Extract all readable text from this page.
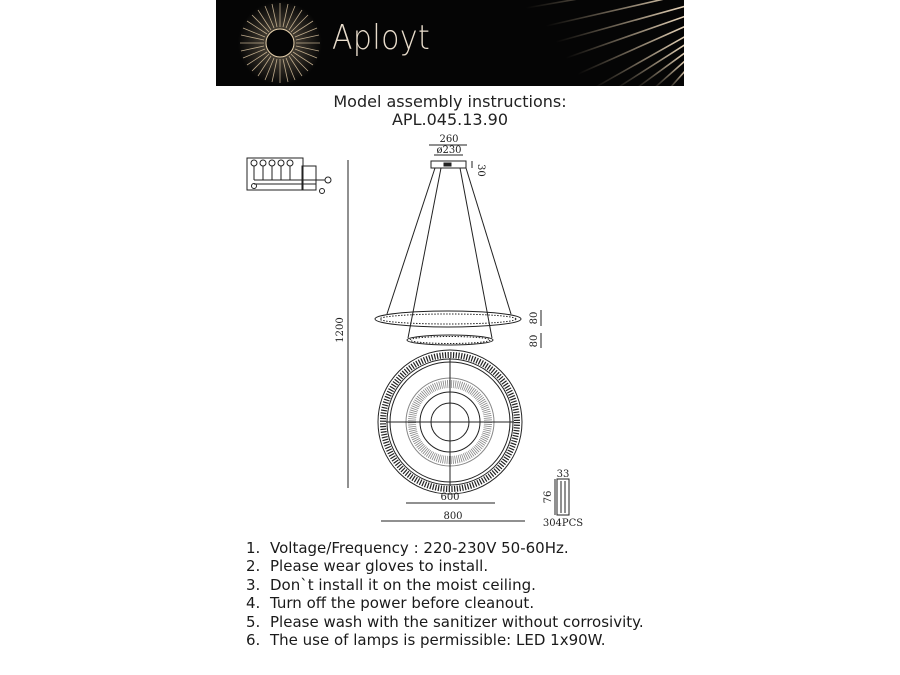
Aployt
Model assembly instructions:
APL.045.13.90
260
ø230
30
1200	80
80
600
800
33
76
304PCS
1. Voltage/Frequency : 220-230V 50-60Hz.
2. Please wear gloves to install.
3. Don`t install it on the moist ceiling.
4. Turn off the power before cleanout.
5. Please wash with the sanitizer without corrosivity.
6. The use of lamps is permissible: LED 1x90W.
